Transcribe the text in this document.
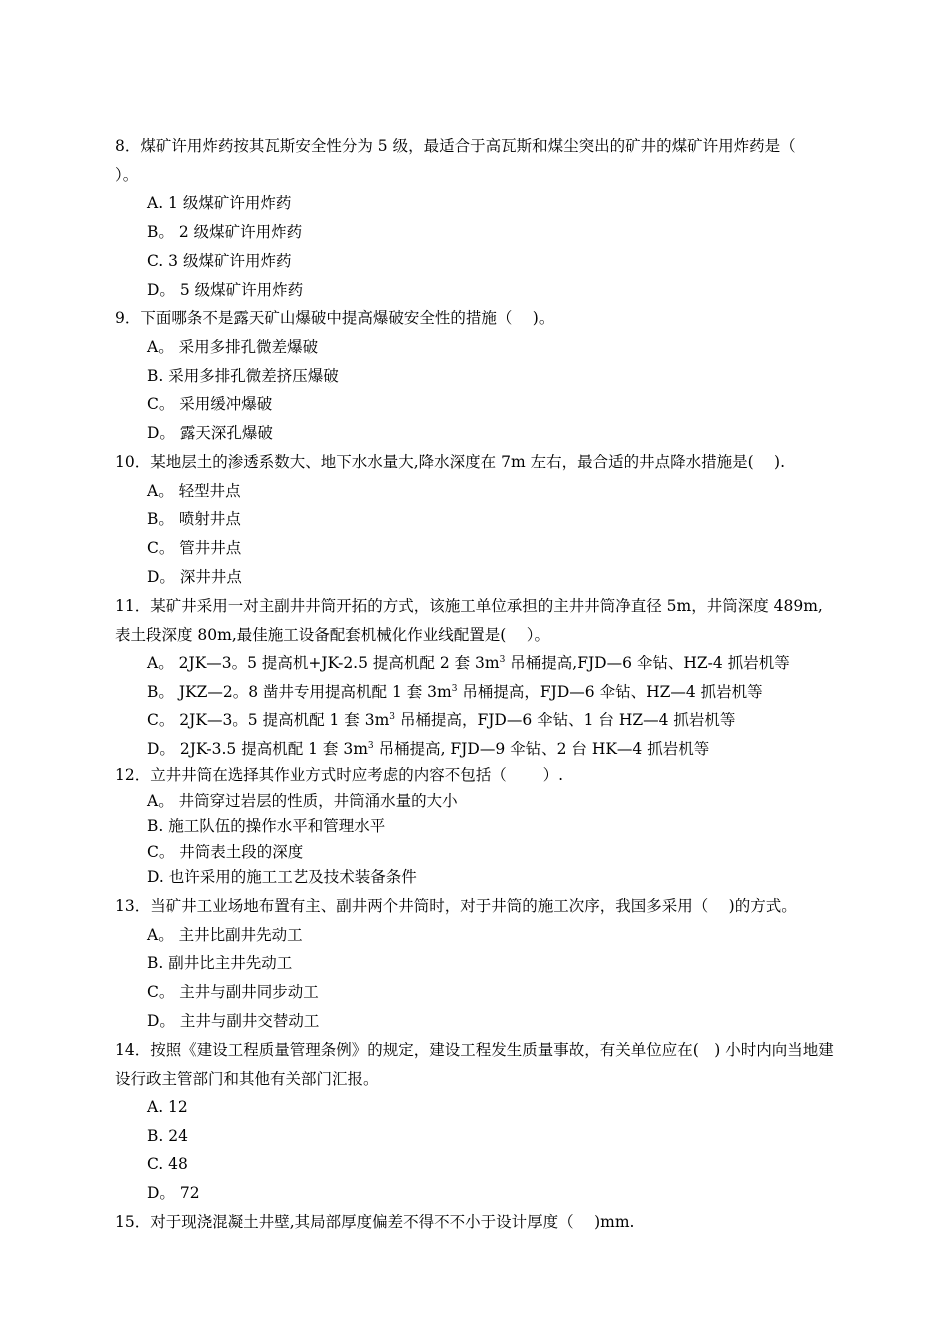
8．煤矿许用炸药按其瓦斯安全性分为 5 级，最适合于高瓦斯和煤尘突出的矿井的煤矿许用炸药是（　 ）。
A. 1 级煤矿许用炸药
B。 2 级煤矿许用炸药
C. 3 级煤矿许用炸药
D。 5 级煤矿许用炸药
9．下面哪条不是露天矿山爆破中提高爆破安全性的措施（　 )。
A。 采用多排孔微差爆破
B. 采用多排孔微差挤压爆破
C。 采用缓冲爆破
D。 露天深孔爆破
10．某地层土的渗透系数大、地下水水量大,降水深度在 7m 左右，最合适的井点降水措施是(　 ).
A。 轻型井点
B。 喷射井点
C。 管井井点
D。 深井井点
11．某矿井采用一对主副井井筒开拓的方式，该施工单位承担的主井井筒净直径 5m，井筒深度 489m,表土段深度 80m,最佳施工设备配套机械化作业线配置是(　 ）。
A。 2JK—3。5 提高机+JK-2.5 提高机配 2 套 $3m^3$ 吊桶提高,FJD—6 伞钻、HZ-4 抓岩机等
B。 JKZ—2。8 凿井专用提高机配 1 套 $3m^3$ 吊桶提高，FJD—6 伞钻、HZ—4 抓岩机等
C。 2JK—3。5 提高机配 1 套 $3m^3$ 吊桶提高，FJD—6 伞钻、1 台 HZ—4 抓岩机等
D。 2JK-3.5 提高机配 1 套 $3m^3$ 吊桶提高, FJD—9 伞钻、2 台 HK—4 抓岩机等
12．立井井筒在选择其作业方式时应考虑的内容不包括（　　 ）.
A。 井筒穿过岩层的性质，井筒涌水量的大小
B. 施工队伍的操作水平和管理水平
C。 井筒表土段的深度
D. 也许采用的施工工艺及技术装备条件
13．当矿井工业场地布置有主、副井两个井筒时，对于井筒的施工次序，我国多采用（　 )的方式。
A。 主井比副井先动工
B. 副井比主井先动工
C。 主井与副井同步动工
D。 主井与副井交替动工
14．按照《建设工程质量管理条例》的规定，建设工程发生质量事故，有关单位应在(　) 小时内向当地建设行政主管部门和其他有关部门汇报。
A. 12
B. 24
C. 48
D。 72
15．对于现浇混凝土井壁,其局部厚度偏差不得不不小于设计厚度（　 )mm.
